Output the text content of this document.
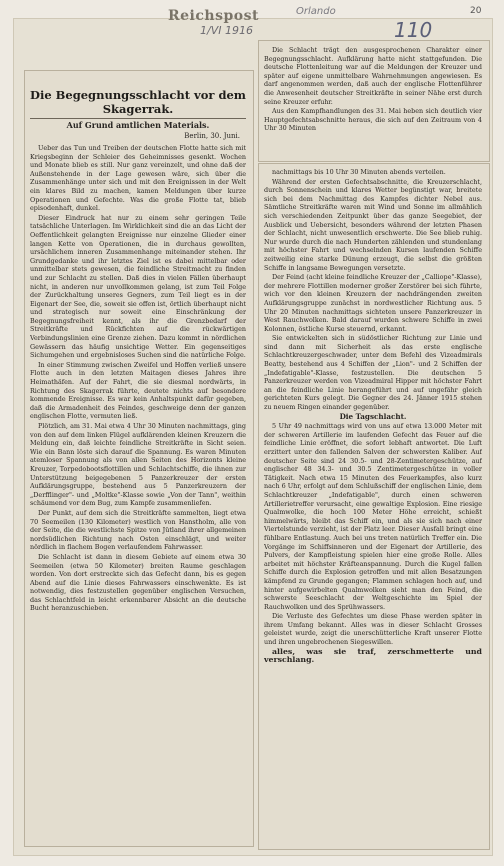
Reichspost
1/VI 1916
Orlando
110
20
Die Begegnungsschlacht vor dem Skagerrak.
Auf Grund amtlichen Materials.
Berlin, 30. Juni.

Ueber das Tun und Treiben der deutschen Flotte hatte sich mit Kriegsbeginn der Schleier des Geheimnisses gesenkt. Wochen und Monate blieb es still. Nur ganz vereinzelt, und ohne daß der Außenstehende in der Lage gewesen wäre, sich über die Zusammenhänge unter sich und mit den Ereignissen in der Welt ein klares Bild zu machen, kamen Meldungen über kurze Operationen und Gefechte. Was die große Flotte tat, blieb episodenhaft, dunkel.

Dieser Eindruck hat nur zu einem sehr geringen Teile tatsächliche Unterlagen. Im Wirklichkeit sind die an das Licht der Oeffentlichkeit gelangten Ereignisse nur einzelne Glieder einer langen Kette von Operationen, die in durchaus gewollten, ursächlichem inneren Zusammenhange miteinander stehen. Ihr Grundgedanke und ihr letztes Ziel ist es dabei mittelbar oder unmittelbar stets gewesen, die feindliche Streitmacht zu finden und zur Schlacht zu stellen. Daß dies in vielen Fällen überhaupt nicht, in anderen nur unvollkommen gelang, ist zum Teil Folge der Zurückhaltung unseres Gegners, zum Teil liegt es in der Eigenart der See, die, soweit sie offen ist, örtlich überhaupt nicht und strategisch nur soweit eine Einschränkung der Begegnungsfreiheit kennt, als ihr die Grenzbedarf der Streitkräfte und Rückfichten auf die rückwärtigen Verbindungslinien eine Grenze ziehen. Dazu kommt in nördlichen Gewässern das häufig unsichtige Wetter. Ein gegenseitiges Sichumgehen und ergebnisloses Suchen sind die natürliche Folge.

In einer Stimmung zwischen Zweifel und Hoffen verließ unsere Flotte auch in den letzten Maitagen dieses Jahres ihre Heimathäfen. Auf der Fahrt, die sie diesmal nordwärts, in Richtung des Skagerrak führte, deutete nichts auf besondere kommende Ereignisse. Es war kein Anhaltspunkt dafür gegeben, daß die Armadenheit des Feindes, geschweige denn der ganzen englischen Flotte, vermuten ließ.

Plötzlich, am 31. Mai etwa 4 Uhr 30 Minuten nachmittags, ging von den auf dem linken Flügel aufklärenden kleinen Kreuzern die Meldung ein, daß leichte feindliche Streitkräfte in Sicht seien. Wie ein Bann löste sich darauf die Spannung. Es waren Minuten atemloser Spannung als von allen Seiten des Horizonts kleine Kreuzer, Torpedobootsflottillen und Schlachtschiffe, die ihnen zur Unterstützung beigegebenen 5 Panzerkreuzer der ersten Aufklärungsgruppe, bestehend aus 5 Panzerkreuzern der „Derfflinger"- und „Moltke"-Klasse sowie „Von der Tann", weithin schäumend vor dem Bug, zum Kampfe zusammenliefen.

Der Punkt, auf dem sich die Streitkräfte sammelten, liegt etwa 70 Seemeilen (130 Kilometer) westlich von Hanstholm, alle von der Seite, die die westlichste Spitze von Jütland ihrer allgemeinen nordsüdlichen Richtung nach Osten einschlägt, und weiter nördlich in flachem Bogen verlaufendem Fahrwasser.

Die Schlacht ist dann in diesem Gebiete auf einem etwa 30 Seemeilen (etwa 50 Kilometer) breiten Raume geschlagen worden. Von dort erstreckte sich das Gefecht dann, bis es gegen Abend auf die Linie dieses Fahrwassers einschwenkte. Es ist notwendig, dies festzustellen gegenüber englischen Versuchen, das Schlachtfeld in leicht erkennbarer Absicht an die deutsche Bucht heranzuschieben.

Die Schlacht trägt den ausgesprochenen Charakter einer Begegnungsschlacht. Aufklärung hatte nicht stattgefunden. Die deutsche Flottenleitung war auf die Meldungen der Kreuzer und später auf eigene unmittelbare Wahrnehmungen angewiesen. Es darf angenommen werden, daß auch der englische Flottenführer die Anwesenheit deutscher Streitkräfte in seiner Nähe erst durch seine Kreuzer erfuhr.

Aus den Kampfhandlungen des 31. Mai heben sich deutlich vier Hauptgefechtsabschnitte heraus, die sich auf den Zeitraum von 4 Uhr 30 Minuten

nachmittags bis 10 Uhr 30 Minuten abends verteilen.

Während der ersten Gefechtsabschnitte, die Kreuzerschlacht, durch Sonnenschein und klares Wetter begünstigt war, breitete sich bei dem Nachmittag des Kampfes dichter Nebel aus. Sämtliche Streitkräfte waren mit Wind und Sonne im allmählich sich verschiedenden Zeitpunkt über das ganze Seegebiet, der Ausblick und Uebersicht, besonders während der letzten Phasen der Schlacht, nicht unwesentlich erschwerte. Die See blieb ruhig. Nur wurde durch die nach Hunderten zählenden und stundenlang mit höchster Fahrt und wechselnden Kursen laufenden Schiffe zeitweilig eine starke Dünung erzeugt, die selbst die größten Schiffe in langsame Bewegungen versetzte.

Der Feind (acht kleine feindliche Kreuzer der „Calliope"-Klasse), der mehrere Flottillen moderner großer Zerstörer bei sich führte, wich vor den kleinen Kreuzern der nachdrängenden zweiten Aufklärungsgruppe zunächst in nordwestlicher Richtung aus. 5 Uhr 20 Minuten nachmittags sichteten unsere Panzerkreuzer in West Rauchwolken. Bald darauf wurden schwere Schiffe in zwei Kolonnen, östliche Kurse steuernd, erkannt.

Sie entwickelten sich in südöstlicher Richtung zur Linie und sind dann mit Sicherheit als das erste englische Schlachtkreuzergeschwader, unter dem Befehl des Vizeadmirals Beatty, bestehend aus 4 Schiffen der „Lion"- und 2 Schiffen der „Indefatigable"-Klasse, festzustellen. Die deutschen 5 Panzerkreuzer werden von Vizeadmiral Hipper mit höchster Fahrt an die feindliche Linie herangeführt und auf ungefähr gleich gerichteten Kurs gelegt. Die Gegner des 24. Jänner 1915 stehen zu neuem Ringen einander gegenüber.

Die Tagschlacht.

5 Uhr 49 nachmittags wird von uns auf etwa 13.000 Meter mit der schweren Artillerie im laufenden Gefecht das Feuer auf die feindliche Linie eröffnet, die sofort lebhaft antwortet. Die Luft erzittert unter den fallenden Salven der schwersten Kaliber. Auf deutscher Seite sind 24 30.5- und 28-Zentimetergeschütze, auf englischer 48 34.3- und 30.5 Zentimetergeschütze in voller Tätigkeit. Nach etwa 15 Minuten des Feuerkampfes, also kurz nach 6 Uhr, erfolgt auf dem Schlußschiff der englischen Linie, dem Schlachtkreuzer „Indefatigable", durch einen schweren Artillerietreffer verursacht, eine gewaltige Explosion. Eine riesige Qualmwolke, die hoch 100 Meter Höhe erreicht, schießt himmelwärts, bleibt das Schiff ein, und als sie sich nach einer Viertelstunde verzieht, ist der Platz leer. Dieser Ausfall bringt eine fühlbare Entlastung. Auch bei uns treten natürlich Treffer ein. Die Vorgänge im Schiffsinneren und der Eigenart der Artillerie, des Pulvers, der Kampfleistung spielen hier eine große Rolle. Alles arbeitet mit höchster Kräfteanspannung. Durch die Kugel fallen Schiffe durch die Explosion getroffen und mit allen Besatzungen kämpfend zu Grunde gegangen; Flammen schlagen hoch auf, und hinter aufgewirbelten Qualmwolken sieht man den Feind, die schwerste Seeschlacht der Weltgeschichte im Spiel der Rauchwolken und des Sprühwassers.

Die Verluste des Gefechtes um diese Phase werden später in ihrem Umfang bekannt. Alles was in dieser Schlacht Grosses geleistet wurde, zeigt die unerschütterliche Kraft unserer Flotte und ihren ungebrochenen Siegeswillen.

alles, was sie traf, zerschmetterte und verschlang.
